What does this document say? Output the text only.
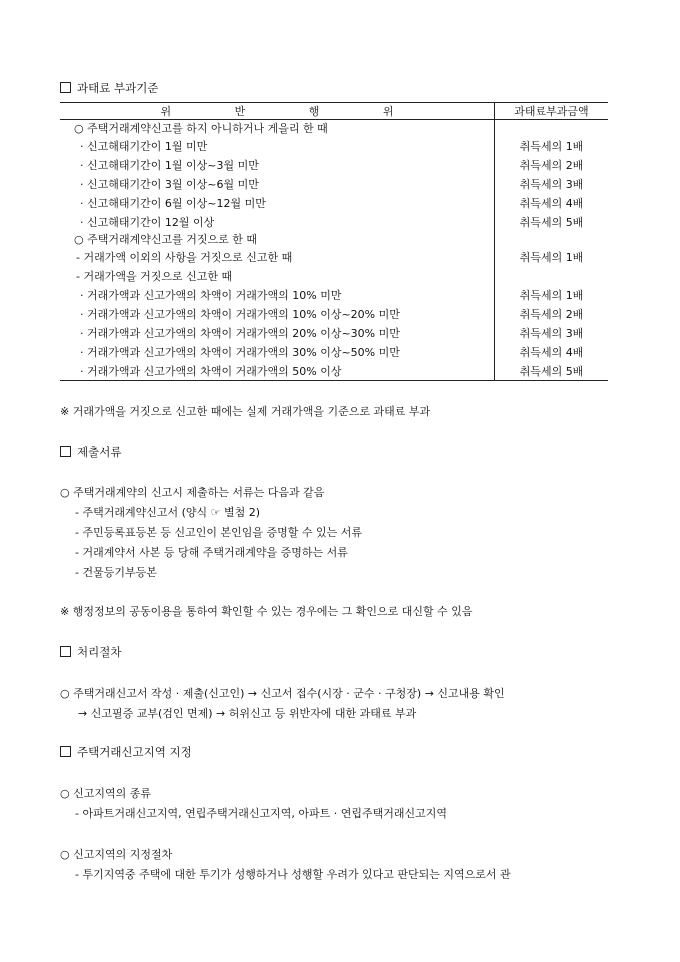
과태료 부과기준
위 반 행 위	과태료부과금액
○ 주택거래계약신고를 하지 아니하거나 게을리 한 때	
· 신고해태기간이 1월 미만	취득세의 1배
· 신고해태기간이 1월 이상~3월 미만	취득세의 2배
· 신고해태기간이 3월 이상~6월 미만	취득세의 3배
· 신고해태기간이 6월 이상~12월 미만	취득세의 4배
· 신고해태기간이 12월 이상	취득세의 5배
○ 주택거래계약신고를 거짓으로 한 때	
- 거래가액 이외의 사항을 거짓으로 신고한 때	취득세의 1배
- 거래가액을 거짓으로 신고한 때	
· 거래가액과 신고가액의 차액이 거래가액의 10% 미만	취득세의 1배
· 거래가액과 신고가액의 차액이 거래가액의 10% 이상~20% 미만	취득세의 2배
· 거래가액과 신고가액의 차액이 거래가액의 20% 이상~30% 미만	취득세의 3배
· 거래가액과 신고가액의 차액이 거래가액의 30% 이상~50% 미만	취득세의 4배
· 거래가액과 신고가액의 차액이 거래가액의 50% 이상	취득세의 5배
※ 거래가액을 거짓으로 신고한 때에는 실제 거래가액을 기준으로 과태료 부과
제출서류
○ 주택거래계약의 신고시 제출하는 서류는 다음과 같음
- 주택거래계약신고서 (양식 ☞ 별첨 2)
- 주민등록표등본 등 신고인이 본인임을 증명할 수 있는 서류
- 거래계약서 사본 등 당해 주택거래계약을 증명하는 서류
- 건물등기부등본
※ 행정정보의 공동이용을 통하여 확인할 수 있는 경우에는 그 확인으로 대신할 수 있음
처리절차
○ 주택거래신고서 작성 · 제출(신고인) → 신고서 접수(시장 · 군수 · 구청장) → 신고내용 확인
→ 신고필증 교부(검인 면제) → 허위신고 등 위반자에 대한 과태료 부과
주택거래신고지역 지정
○ 신고지역의 종류
- 아파트거래신고지역, 연립주택거래신고지역, 아파트 · 연립주택거래신고지역
○ 신고지역의 지정절차
- 투기지역중 주택에 대한 투기가 성행하거나 성행할 우려가 있다고 판단되는 지역으로서 관
